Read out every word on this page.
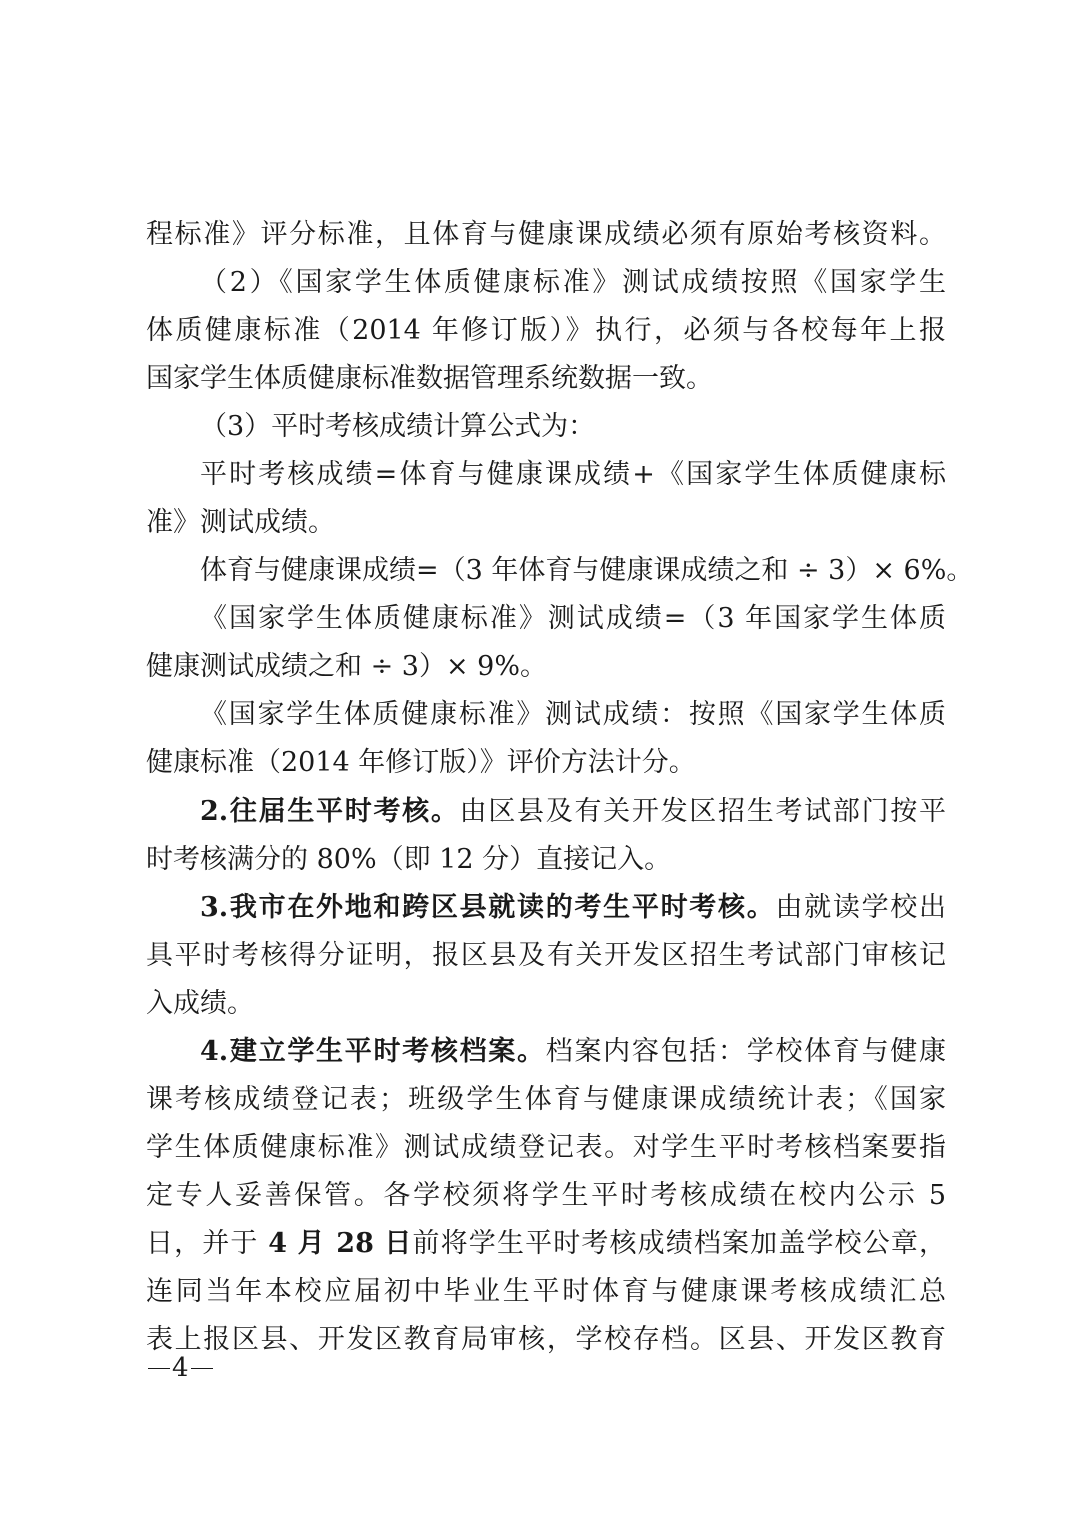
程标准》评分标准，且体育与健康课成绩必须有原始考核资料。
（2）《国家学生体质健康标准》测试成绩按照《国家学生
体质健康标准（2014 年修订版）》执行，必须与各校每年上报
国家学生体质健康标准数据管理系统数据一致。
（3）平时考核成绩计算公式为：
平时考核成绩=体育与健康课成绩+《国家学生体质健康标
准》测试成绩。
体育与健康课成绩=（3 年体育与健康课成绩之和 ÷ 3）× 6%。
《国家学生体质健康标准》测试成绩=（3 年国家学生体质
健康测试成绩之和 ÷ 3）× 9%。
《国家学生体质健康标准》测试成绩：按照《国家学生体质
健康标准（2014 年修订版）》评价方法计分。
2.往届生平时考核。由区县及有关开发区招生考试部门按平
时考核满分的 80%（即 12 分）直接记入。
3.我市在外地和跨区县就读的考生平时考核。由就读学校出
具平时考核得分证明，报区县及有关开发区招生考试部门审核记
入成绩。
4.建立学生平时考核档案。档案内容包括：学校体育与健康
课考核成绩登记表；班级学生体育与健康课成绩统计表；《国家
学生体质健康标准》测试成绩登记表。对学生平时考核档案要指
定专人妥善保管。各学校须将学生平时考核成绩在校内公示 5
日，并于 4 月 28 日前将学生平时考核成绩档案加盖学校公章，
连同当年本校应届初中毕业生平时体育与健康课考核成绩汇总
表上报区县、开发区教育局审核，学校存档。区县、开发区教育
4
